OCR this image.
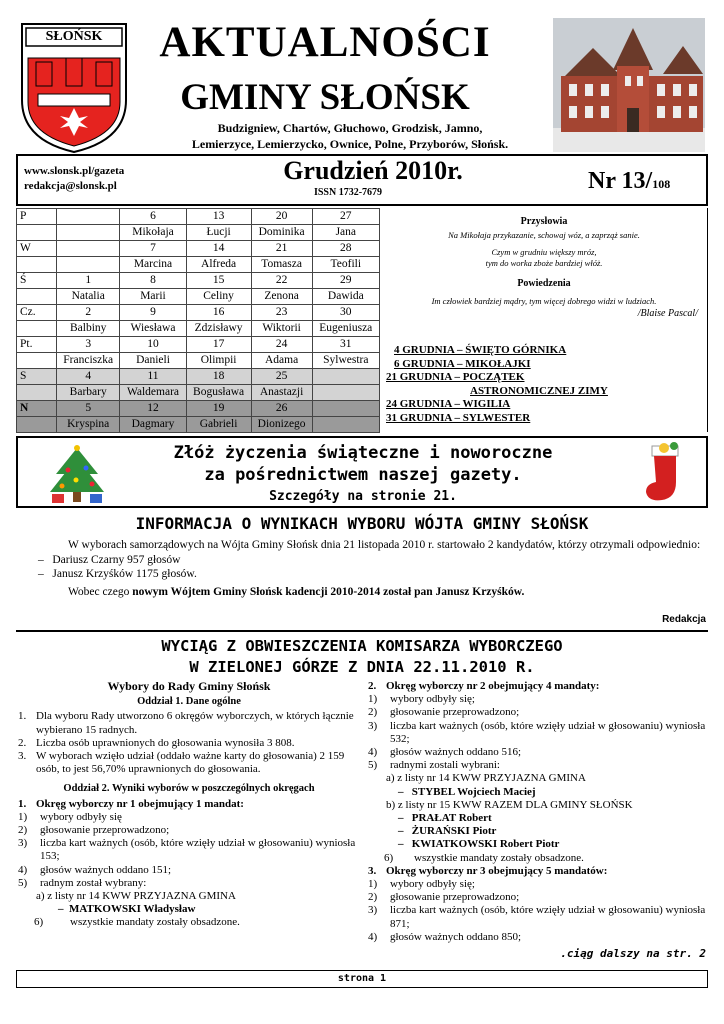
SŁOŃSK	AKTUALNOŚCI
GMINY SŁOŃSK
Budzigniew, Chartów, Głuchowo, Grodzisk, Jamno,
Lemierzyce, Lemierzycko, Ownice, Polne, Przyborów, Słońsk.
www.slonsk.pl/gazeta
redakcja@slonsk.pl
Grudzień 2010r.
ISSN 1732-7679	Nr 13/108
P		6	13	20	27
		Mikołaja	Łucji	Dominika	Jana
W		7	14	21	28
		Marcina	Alfreda	Tomasza	Teofili
Ś	1	8	15	22	29
	Natalia	Marii	Celiny	Zenona	Dawida
Cz.	2	9	16	23	30
	Balbiny	Wiesława	Zdzisławy	Wiktorii	Eugeniusza
Pt.	3	10	17	24	31
	Franciszka	Danieli	Olimpii	Adama	Sylwestra
S	4	11	18	25	
	Barbary	Waldemara	Bogusława	Anastazji	
N	5	12	19	26	
	Kryspina	Dagmary	Gabrieli	Dionizego	
Przysłowia
Na Mikołaja przykazanie, schowaj wóz, a zaprząż sanie.
Czym w grudniu większy mróz,
tym do worka zboże bardziej włóż.
Powiedzenia
Im człowiek bardziej mądry, tym więcej dobrego widzi w ludziach.
/Blaise Pascal/
4 GRUDNIA – ŚWIĘTO GÓRNIKA
6 GRUDNIA – MIKOŁAJKI
21 GRUDNIA – POCZĄTEK
ASTRONOMICZNEJ ZIMY
24 GRUDNIA – WIGILIA
31 GRUDNIA – SYLWESTER
Złóż życzenia świąteczne i noworoczne
za pośrednictwem naszej gazety.
Szczegóły na stronie 21.
INFORMACJA O WYNIKACH WYBORU WÓJTA GMINY SŁOŃSK

W wyborach samorządowych na Wójta Gminy Słońsk dnia 21 listopada 2010 r. startowało 2 kandydatów, którzy otrzymali odpowiednio:

–   Dariusz Czarny 957 głosów

–   Janusz Krzyśków 1175 głosów.

Wobec czego nowym Wójtem Gminy Słońsk kadencji 2010-2014 został pan Janusz Krzyśków.

Redakcja
WYCIĄG Z OBWIESZCZENIA KOMISARZA WYBORCZEGO
W ZIELONEJ GÓRZE Z DNIA 22.11.2010 R.
Wybory do Rady Gminy Słońsk
Oddział 1. Dane ogólne
1. Dla wyboru Rady utworzono 6 okręgów wyborczych, w których łącznie wybierano 15 radnych.
2. Liczba osób uprawnionych do głosowania wynosiła 3 808.
3. W wyborach wzięło udział (oddało ważne karty do głosowania) 2 159 osób, to jest 56,70% uprawnionych do głosowania.
Oddział 2. Wyniki wyborów w poszczególnych okręgach
1. Okręg wyborczy nr 1 obejmujący 1 mandat:
1)	wybory odbyły się
2)	głosowanie przeprowadzono;
3)	liczba kart ważnych (osób, które wzięły udział w głosowaniu) wyniosła 153;
4)	głosów ważnych oddano 151;
5)	radnym został wybrany:
a) z listy nr 14 KWW PRZYJAZNA GMINA
–  MATKOWSKI Władysław
6)	wszystkie mandaty zostały obsadzone.
2. Okręg wyborczy nr 2 obejmujący 4 mandaty:
1)	wybory odbyły się;
2)	głosowanie przeprowadzono;
3)	liczba kart ważnych (osób, które wzięły udział w głosowaniu) wyniosła 532;
4)	głosów ważnych oddano 516;
5)	radnymi zostali wybrani:
a) z listy nr 14 KWW PRZYJAZNA GMINA
–   STYBEL Wojciech Maciej
b) z listy nr 15 KWW RAZEM DLA GMINY SŁOŃSK
–   PRAŁAT Robert
–   ŻURAŃSKI Piotr
–   KWIATKOWSKI Robert Piotr
6)	wszystkie mandaty zostały obsadzone.
3. Okręg wyborczy nr 3 obejmujący 5 mandatów:
1)	wybory odbyły się;
2)	głosowanie przeprowadzono;
3)	liczba kart ważnych (osób, które wzięły udział w głosowaniu) wyniosła 871;
4)	głosów ważnych oddano 850;
.ciąg dalszy na str. 2
strona 1
